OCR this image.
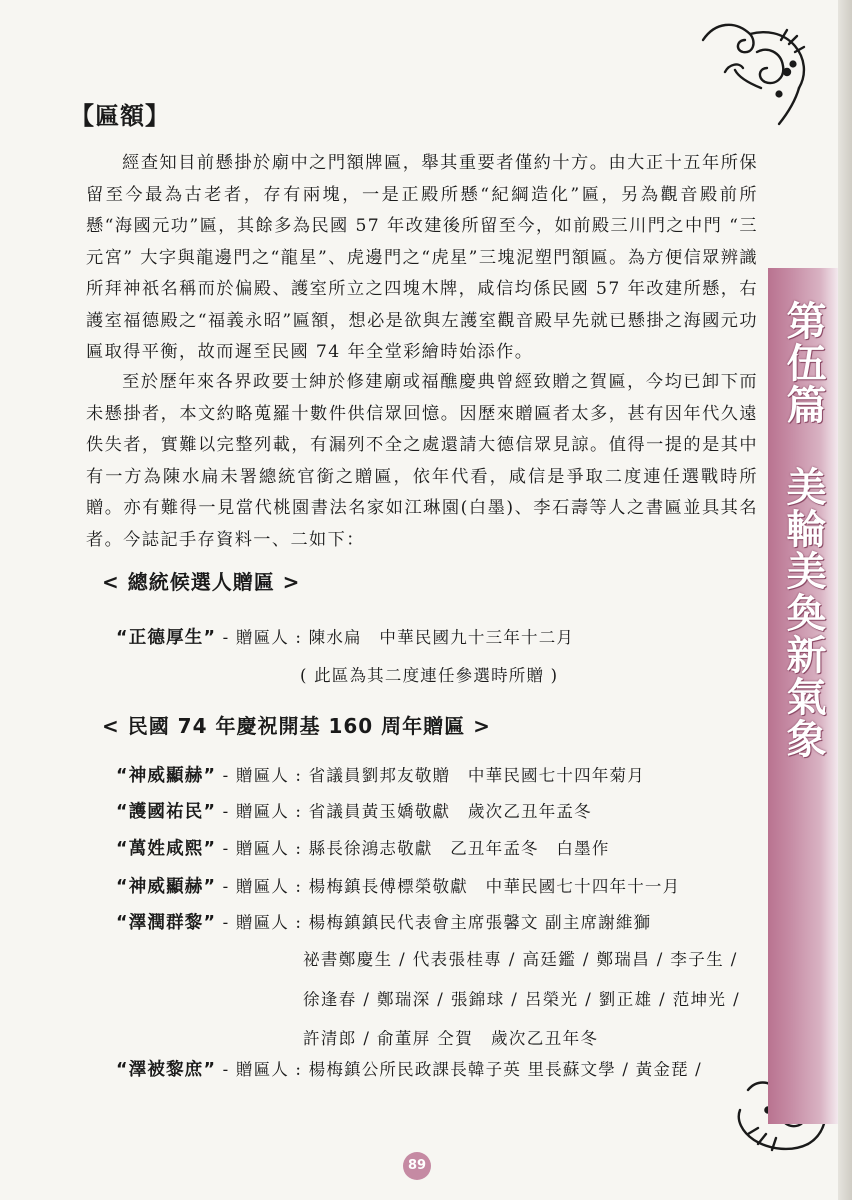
第伍篇美輪美奐新氣象
【匾額】

經查知目前懸掛於廟中之門額牌匾，舉其重要者僅約十方。由大正十五年所保留至今最為古老者，存有兩塊，一是正殿所懸“紀綱造化”匾，另為觀音殿前所懸“海國元功”匾，其餘多為民國 57 年改建後所留至今，如前殿三川門之中門 “三元宮” 大字與龍邊門之“龍星”、虎邊門之“虎星”三塊泥塑門額匾。為方便信眾辨識所拜神祇名稱而於偏殿、護室所立之四塊木牌，咸信均係民國 57 年改建所懸，右護室福德殿之“福義永昭”匾額，想必是欲與左護室觀音殿早先就已懸掛之海國元功匾取得平衡，故而遲至民國 74 年全堂彩繪時始添作。

至於歷年來各界政要士紳於修建廟或福醮慶典曾經致贈之賀匾，今均已卸下而未懸掛者，本文約略蒐羅十數件供信眾回憶。因歷來贈匾者太多，甚有因年代久遠佚失者，實難以完整列載，有漏列不全之處還請大德信眾見諒。值得一提的是其中有一方為陳水扁未署總統官銜之贈匾，依年代看，咸信是爭取二度連任選戰時所贈。亦有難得一見當代桃園書法名家如江琳園(白墨)、李石壽等人之書匾並具其名者。今誌記手存資料一、二如下：

< 總統候選人贈匾 >
“正德厚生” - 贈匾人 : 陳水扁　中華民國九十三年十二月
( 此區為其二度連任參選時所贈 )
< 民國 74 年慶祝開基 160 周年贈匾 >
“神威顯赫” - 贈匾人 : 省議員劉邦友敬贈　中華民國七十四年菊月
“護國祐民” - 贈匾人 : 省議員黃玉嬌敬獻　歲次乙丑年孟冬
“萬姓咸熙” - 贈匾人 : 縣長徐鴻志敬獻　乙丑年孟冬　白墨作
“神威顯赫” - 贈匾人 : 楊梅鎮長傅標榮敬獻　中華民國七十四年十一月
“澤潤群黎” - 贈匾人 : 楊梅鎮鎮民代表會主席張馨文 副主席謝維獅
祕書鄭慶生 / 代表張桂專 / 高廷鑑 / 鄭瑞昌 / 李子生 /
徐逢春 / 鄭瑞深 / 張錦球 / 呂榮光 / 劉正雄 / 范坤光 /
許清郎 / 俞董屏 仝賀　歲次乙丑年冬
“澤被黎庶” - 贈匾人 : 楊梅鎮公所民政課長韓子英 里長蘇文學 / 黃金琵 /
89
